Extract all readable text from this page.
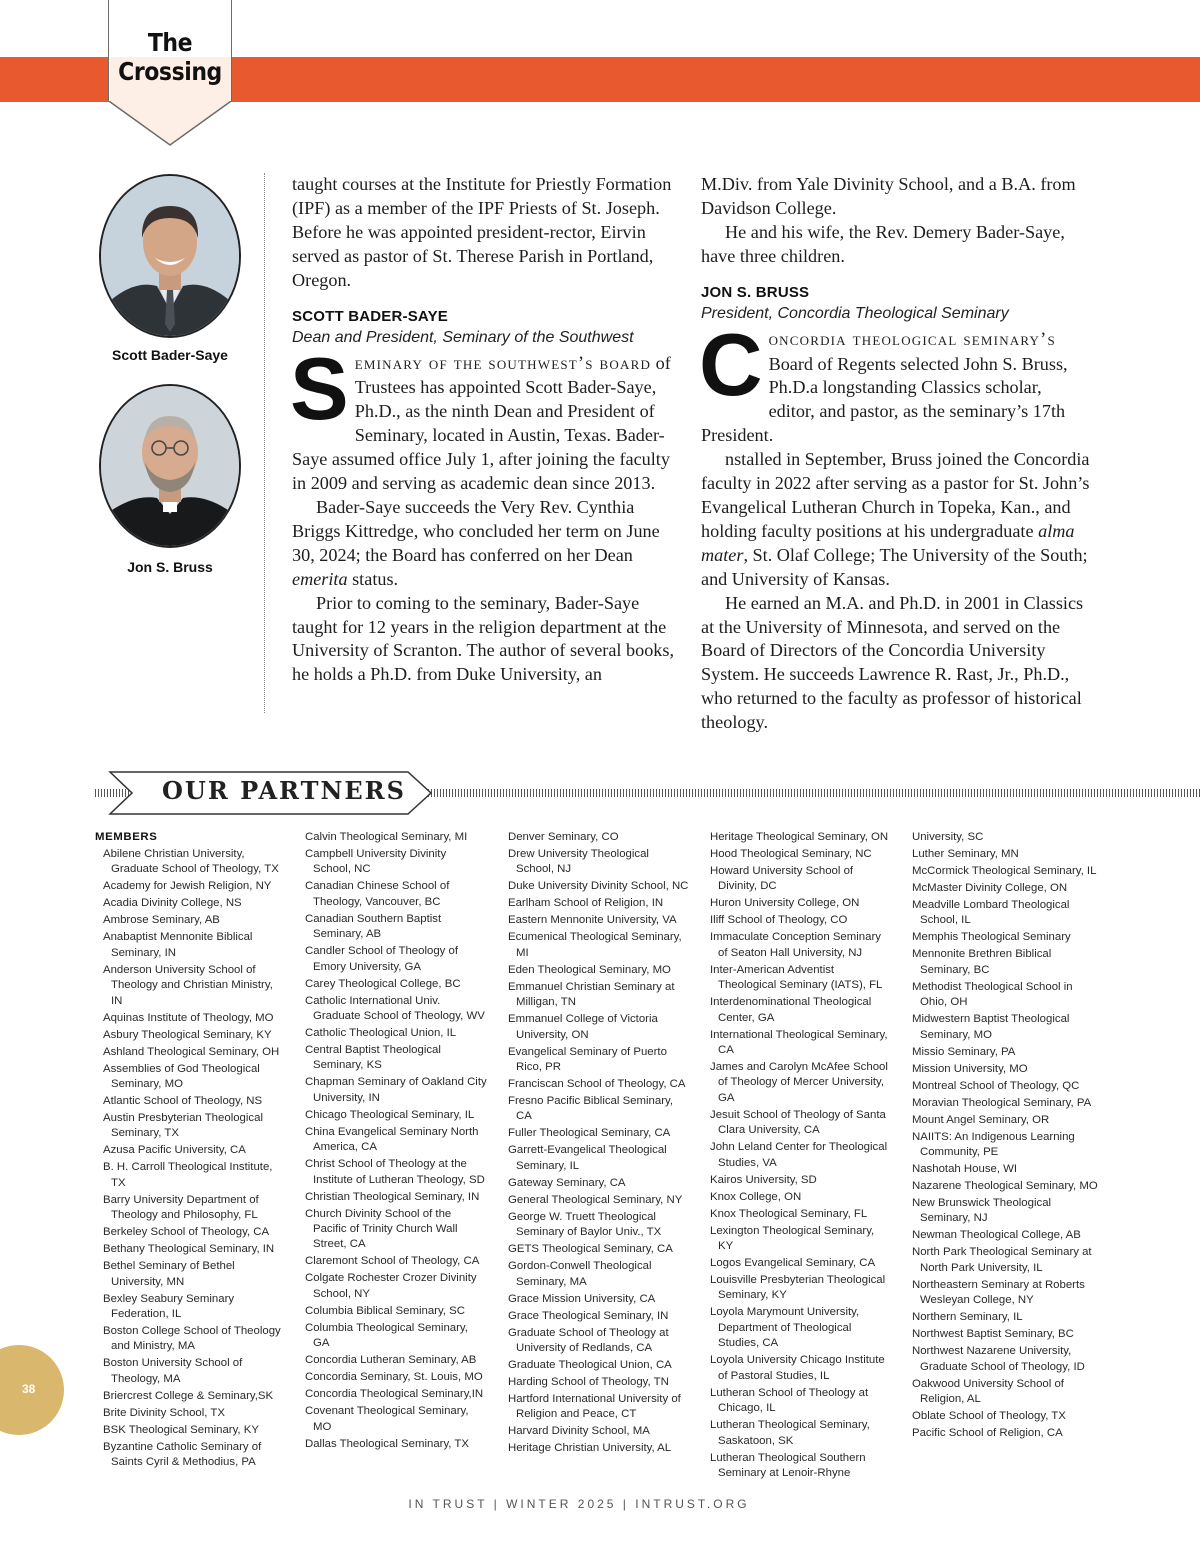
The
Crossing
Scott Bader-Saye
Jon S. Bruss

taught courses at the Institute for Priestly Formation (IPF) as a member of the IPF Priests of St. Joseph. Before he was appointed president-rector, Eirvin served as pastor of St. Therese Parish in Portland, Oregon.

SCOTT BADER-SAYE
Dean and President, Seminary of the Southwest

S eminary of the southwest’s board of Trustees has appointed Scott Bader-Saye, Ph.D., as the ninth Dean and President of Seminary, located in Austin, Texas. Bader-Saye assumed office July 1, after joining the faculty in 2009 and serving as academic dean since 2013.

Bader-Saye succeeds the Very Rev. Cynthia Briggs Kittredge, who concluded her term on June 30, 2024; the Board has conferred on her Dean emerita status.

Prior to coming to the seminary, Bader-Saye taught for 12 years in the religion department at the University of Scranton. The author of several books, he holds a Ph.D. from Duke University, an

M.Div. from Yale Divinity School, and a B.A. from Davidson College.

He and his wife, the Rev. Demery Bader-Saye, have three children.

JON S. BRUSS
President, Concordia Theological Seminary

C oncordia theological seminary’s Board of Regents selected John S. Bruss, Ph.D.a longstanding Classics scholar, editor, and pastor, as the seminary’s 17th President.

nstalled in September, Bruss joined the Concordia faculty in 2022 after serving as a pastor for St. John’s Evangelical Lutheran Church in Topeka, Kan., and holding faculty positions at his undergraduate alma mater, St. Olaf College; The University of the South; and University of Kansas.

He earned an M.A. and Ph.D. in 2001 in Classics at the University of Minnesota, and served on the Board of Directors of the Concordia University System. He succeeds Lawrence R. Rast, Jr., Ph.D., who returned to the faculty as professor of historical theology.

OUR PARTNERS
MEMBERS
Abilene Christian University, Graduate School of Theology, TX
Academy for Jewish Religion, NY
Acadia Divinity College, NS
Ambrose Seminary, AB
Anabaptist Mennonite Biblical Seminary, IN
Anderson University School of Theology and Christian Ministry, IN
Aquinas Institute of Theology, MO
Asbury Theological Seminary, KY
Ashland Theological Seminary, OH
Assemblies of God Theological Seminary, MO
Atlantic School of Theology, NS
Austin Presbyterian Theological Seminary, TX
Azusa Pacific University, CA
B. H. Carroll Theological Institute, TX
Barry University Department of Theology and Philosophy, FL
Berkeley School of Theology, CA
Bethany Theological Seminary, IN
Bethel Seminary of Bethel University, MN
Bexley Seabury Seminary Federation, IL
Boston College School of Theology and Ministry, MA
Boston University School of Theology, MA
Briercrest College & Seminary,SK
Brite Divinity School, TX
BSK Theological Seminary, KY
Byzantine Catholic Seminary of Saints Cyril & Methodius, PA
Calvin Theological Seminary, MI
Campbell University Divinity School, NC
Canadian Chinese School of Theology, Vancouver, BC
Canadian Southern Baptist Seminary, AB
Candler School of Theology of Emory University, GA
Carey Theological College, BC
Catholic International Univ. Graduate School of Theology, WV
Catholic Theological Union, IL
Central Baptist Theological Seminary, KS
Chapman Seminary of Oakland City University, IN
Chicago Theological Seminary, IL
China Evangelical Seminary North America, CA
Christ School of Theology at the Institute of Lutheran Theology, SD
Christian Theological Seminary, IN
Church Divinity School of the Pacific of Trinity Church Wall Street, CA
Claremont School of Theology, CA
Colgate Rochester Crozer Divinity School, NY
Columbia Biblical Seminary, SC
Columbia Theological Seminary, GA
Concordia Lutheran Seminary, AB
Concordia Seminary, St. Louis, MO
Concordia Theological Seminary,IN
Covenant Theological Seminary, MO
Dallas Theological Seminary, TX
Denver Seminary, CO
Drew University Theological School, NJ
Duke University Divinity School, NC
Earlham School of Religion, IN
Eastern Mennonite University, VA
Ecumenical Theological Seminary, MI
Eden Theological Seminary, MO
Emmanuel Christian Seminary at Milligan, TN
Emmanuel College of Victoria University, ON
Evangelical Seminary of Puerto Rico, PR
Franciscan School of Theology, CA
Fresno Pacific Biblical Seminary, CA
Fuller Theological Seminary, CA
Garrett-Evangelical Theological Seminary, IL
Gateway Seminary, CA
General Theological Seminary, NY
George W. Truett Theological Seminary of Baylor Univ., TX
GETS Theological Seminary, CA
Gordon-Conwell Theological Seminary, MA
Grace Mission University, CA
Grace Theological Seminary, IN
Graduate School of Theology at University of Redlands, CA
Graduate Theological Union, CA
Harding School of Theology, TN
Hartford International University of Religion and Peace, CT
Harvard Divinity School, MA
Heritage Christian University, AL
Heritage Theological Seminary, ON
Hood Theological Seminary, NC
Howard University School of Divinity, DC
Huron University College, ON
Iliff School of Theology, CO
Immaculate Conception Seminary of Seaton Hall University, NJ
Inter-American Adventist Theological Seminary (IATS), FL
Interdenominational Theological Center, GA
International Theological Seminary, CA
James and Carolyn McAfee School of Theology of Mercer University, GA
Jesuit School of Theology of Santa Clara University, CA
John Leland Center for Theological Studies, VA
Kairos University, SD
Knox College, ON
Knox Theological Seminary, FL
Lexington Theological Seminary, KY
Logos Evangelical Seminary, CA
Louisville Presbyterian Theological Seminary, KY
Loyola Marymount University, Department of Theological Studies, CA
Loyola University Chicago Institute of Pastoral Studies, IL
Lutheran School of Theology at Chicago, IL
Lutheran Theological Seminary, Saskatoon, SK
Lutheran Theological Southern Seminary at Lenoir-Rhyne
University, SC
Luther Seminary, MN
McCormick Theological Seminary, IL
McMaster Divinity College, ON
Meadville Lombard Theological School, IL
Memphis Theological Seminary
Mennonite Brethren Biblical Seminary, BC
Methodist Theological School in Ohio, OH
Midwestern Baptist Theological Seminary, MO
Missio Seminary, PA
Mission University, MO
Montreal School of Theology, QC
Moravian Theological Seminary, PA
Mount Angel Seminary, OR
NAIITS: An Indigenous Learning Community, PE
Nashotah House, WI
Nazarene Theological Seminary, MO
New Brunswick Theological Seminary, NJ
Newman Theological College, AB
North Park Theological Seminary at North Park University, IL
Northeastern Seminary at Roberts Wesleyan College, NY
Northern Seminary, IL
Northwest Baptist Seminary, BC
Northwest Nazarene University, Graduate School of Theology, ID
Oakwood University School of Religion, AL
Oblate School of Theology, TX
Pacific School of Religion, CA
38
IN TRUST | WINTER 2025 | INTRUST.ORG
